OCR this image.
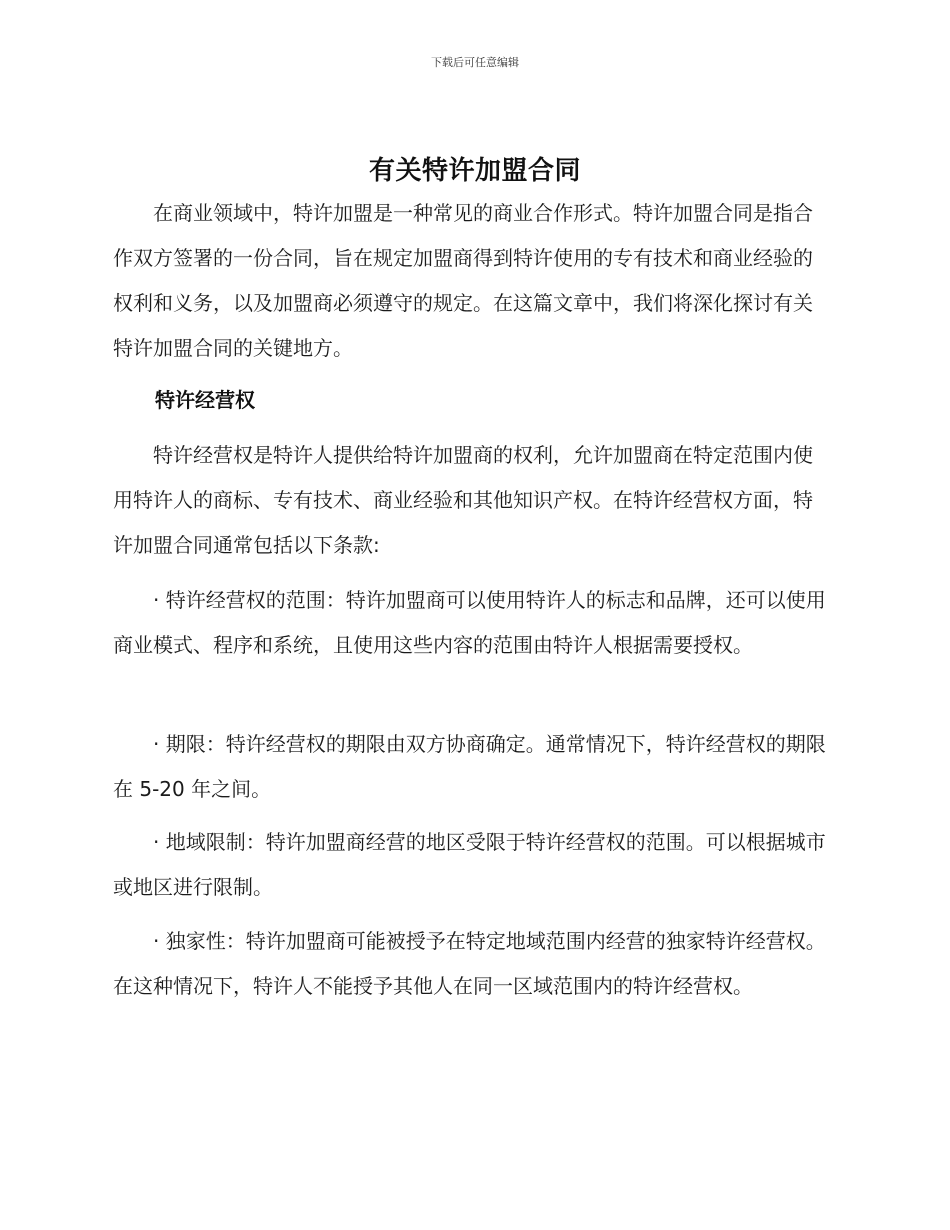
下载后可任意编辑
有关特许加盟合同

在商业领域中，特许加盟是一种常见的商业合作形式。特许加盟合同是指合作双方签署的一份合同，旨在规定加盟商得到特许使用的专有技术和商业经验的权利和义务，以及加盟商必须遵守的规定。在这篇文章中，我们将深化探讨有关特许加盟合同的关键地方。

特许经营权

特许经营权是特许人提供给特许加盟商的权利，允许加盟商在特定范围内使用特许人的商标、专有技术、商业经验和其他知识产权。在特许经营权方面，特许加盟合同通常包括以下条款:

· 特许经营权的范围：特许加盟商可以使用特许人的标志和品牌，还可以使用商业模式、程序和系统，且使用这些内容的范围由特许人根据需要授权。

· 期限：特许经营权的期限由双方协商确定。通常情况下，特许经营权的期限在 5-20 年之间。

· 地域限制：特许加盟商经营的地区受限于特许经营权的范围。可以根据城市或地区进行限制。

· 独家性：特许加盟商可能被授予在特定地域范围内经营的独家特许经营权。在这种情况下，特许人不能授予其他人在同一区域范围内的特许经营权。
